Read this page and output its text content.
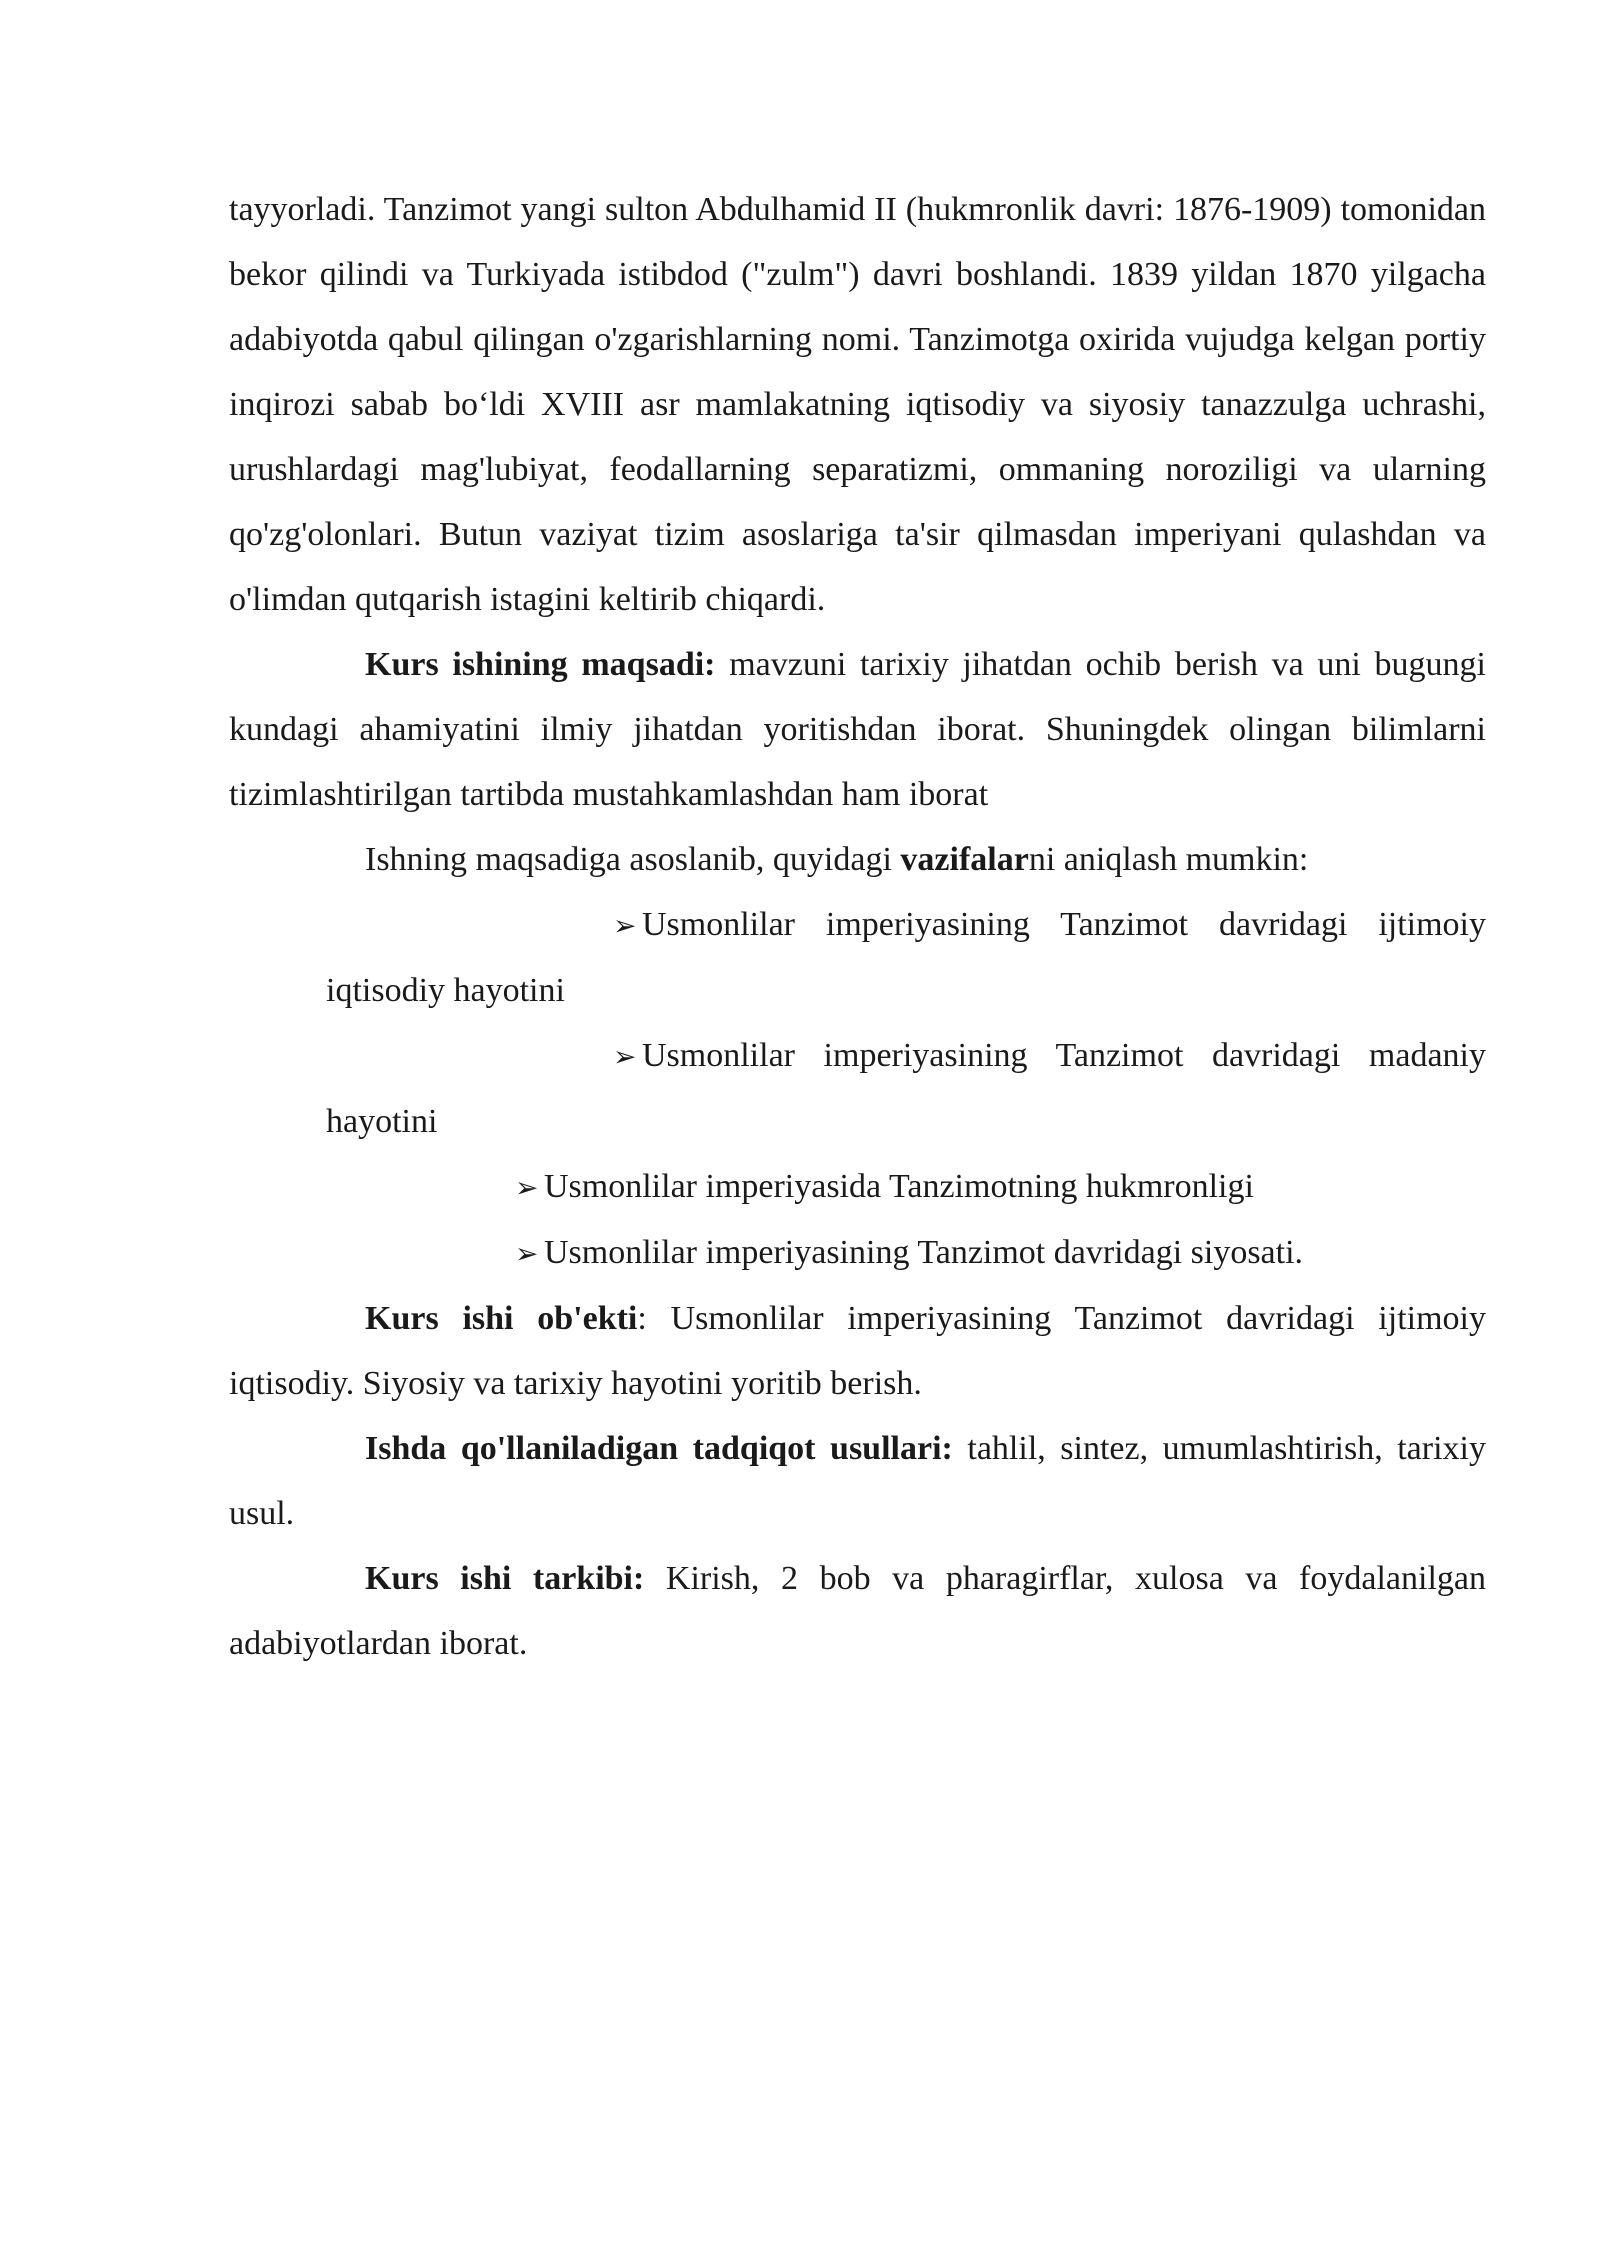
tayyorladi. Tanzimot yangi sulton Abdulhamid II (hukmronlik davri: 1876-1909) tomonidan bekor qilindi va Turkiyada istibdod ("zulm") davri boshlandi. 1839 yildan 1870 yilgacha adabiyotda qabul qilingan o'zgarishlarning nomi. Tanzimotga oxirida vujudga kelgan portiy inqirozi sabab bo‘ldi XVIII asr mamlakatning iqtisodiy va siyosiy tanazzulga uchrashi, urushlardagi mag'lubiyat, feodallarning separatizmi, ommaning noroziligi va ularning qo'zg'olonlari. Butun vaziyat tizim asoslariga ta'sir qilmasdan imperiyani qulashdan va o'limdan qutqarish istagini keltirib chiqardi.

Kurs ishining maqsadi: mavzuni tarixiy jihatdan ochib berish va uni bugungi kundagi ahamiyatini ilmiy jihatdan yoritishdan iborat. Shuningdek olingan bilimlarni tizimlashtirilgan tartibda mustahkamlashdan ham iborat

Ishning maqsadiga asoslanib, quyidagi vazifalarni aniqlash mumkin:

➢ Usmonlilar imperiyasining Tanzimot davridagi ijtimoiy iqtisodiy hayotini
➢ Usmonlilar imperiyasining Tanzimot davridagi madaniy hayotini
➢ Usmonlilar imperiyasida Tanzimotning hukmronligi
➢ Usmonlilar imperiyasining Tanzimot davridagi siyosati.

Kurs ishi ob'ekti: Usmonlilar imperiyasining Tanzimot davridagi ijtimoiy iqtisodiy. Siyosiy va tarixiy hayotini yoritib berish.

Ishda qo'llaniladigan tadqiqot usullari: tahlil, sintez, umumlashtirish, tarixiy usul.

Kurs ishi tarkibi: Kirish, 2 bob va pharagirflar, xulosa va foydalanilgan adabiyotlardan iborat.
